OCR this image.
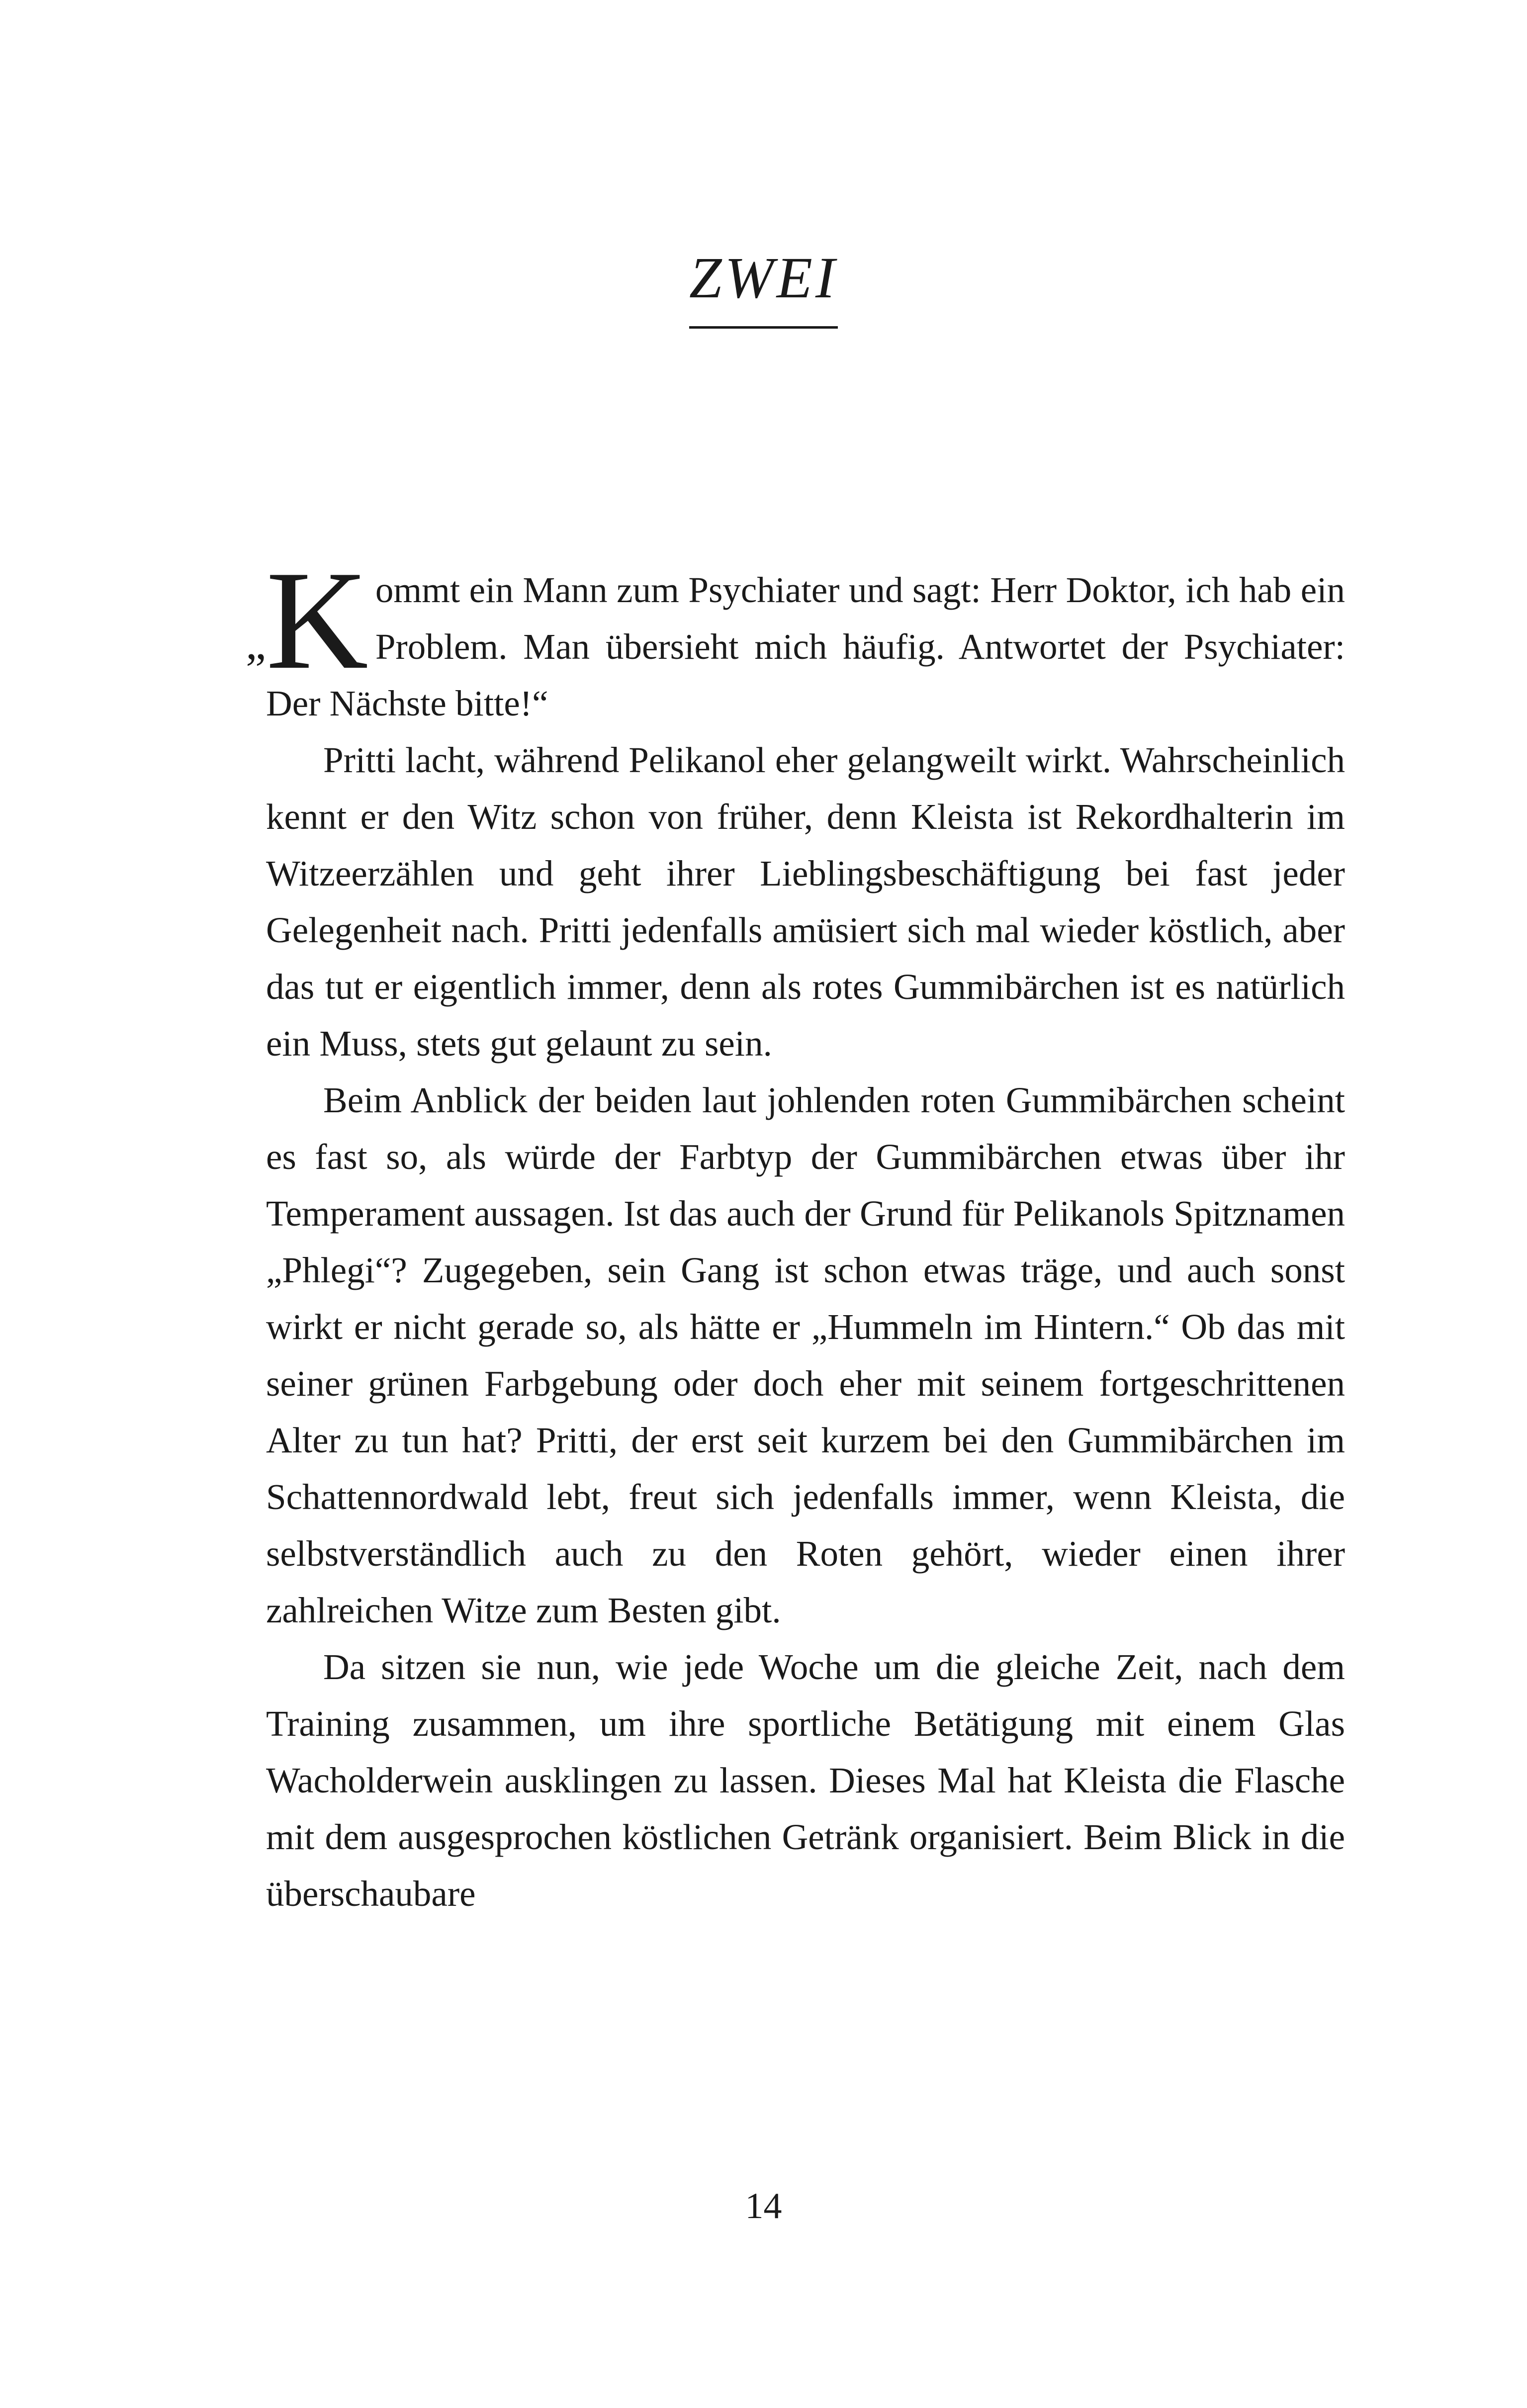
ZWEI

„ K ommt ein Mann zum Psychiater und sagt: Herr Doktor, ich hab ein Problem. Man übersieht mich häufig. Antwortet der Psychiater: Der Nächste bitte!“

Pritti lacht, während Pelikanol eher gelangweilt wirkt. Wahrscheinlich kennt er den Witz schon von früher, denn Kleista ist Rekordhalterin im Witzeerzählen und geht ihrer Lieblingsbeschäftigung bei fast jeder Gelegenheit nach. Pritti jedenfalls amüsiert sich mal wieder köstlich, aber das tut er eigentlich immer, denn als rotes Gummibärchen ist es natürlich ein Muss, stets gut gelaunt zu sein.

Beim Anblick der beiden laut johlenden roten Gummibärchen scheint es fast so, als würde der Farbtyp der Gummibärchen etwas über ihr Temperament aussagen. Ist das auch der Grund für Pelikanols Spitznamen „Phlegi“? Zugegeben, sein Gang ist schon etwas träge, und auch sonst wirkt er nicht gerade so, als hätte er „Hummeln im Hintern.“ Ob das mit seiner grünen Farbgebung oder doch eher mit seinem fortgeschrittenen Alter zu tun hat? Pritti, der erst seit kurzem bei den Gummibärchen im Schattennordwald lebt, freut sich jedenfalls immer, wenn Kleista, die selbstverständlich auch zu den Roten gehört, wieder einen ihrer zahlreichen Witze zum Besten gibt.

Da sitzen sie nun, wie jede Woche um die gleiche Zeit, nach dem Training zusammen, um ihre sportliche Betätigung mit einem Glas Wacholderwein ausklingen zu lassen. Dieses Mal hat Kleista die Flasche mit dem ausgesprochen köstlichen Getränk organisiert. Beim Blick in die überschaubare

14
